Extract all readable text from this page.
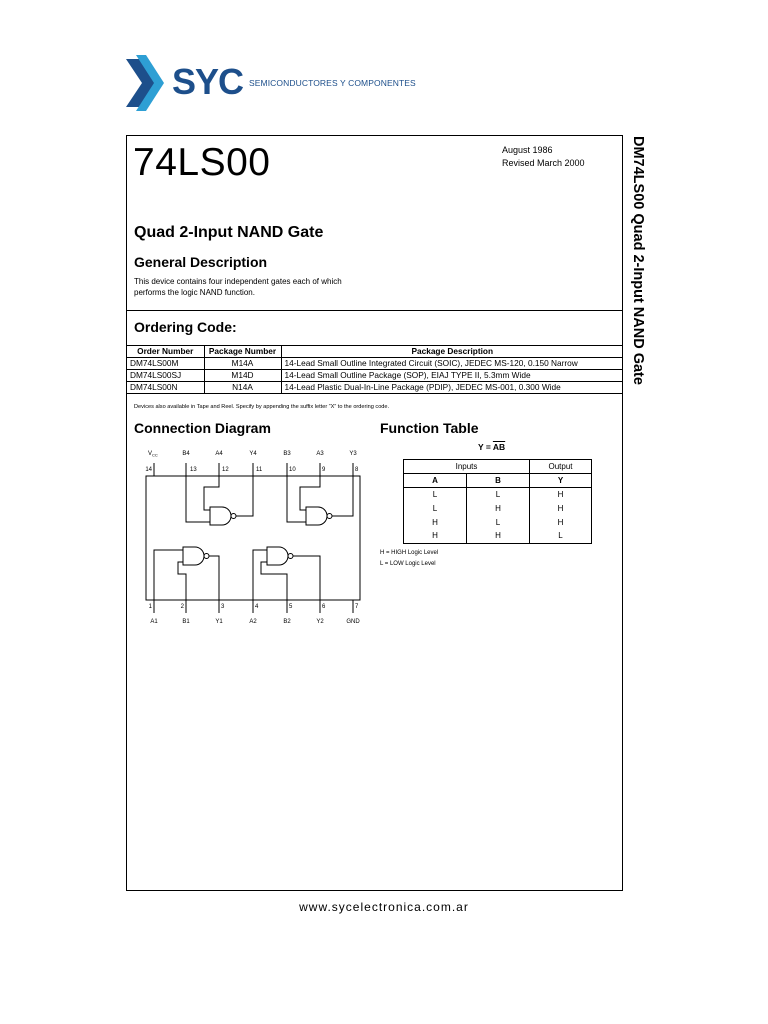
SYC SEMICONDUCTORES Y COMPONENTES
DM74LS00 Quad 2-Input NAND Gate
74LS00	August 1986
Revised March 2000
Quad 2-Input NAND Gate
General Description
This device contains four independent gates each of which performs the logic NAND function.
Ordering Code:
Order Number	Package Number	Package Description
DM74LS00M	M14A	14-Lead Small Outline Integrated Circuit (SOIC), JEDEC MS-120, 0.150 Narrow
DM74LS00SJ	M14D	14-Lead Small Outline Package (SOP), EIAJ TYPE II, 5.3mm Wide
DM74LS00N	N14A	14-Lead Plastic Dual-In-Line Package (PDIP), JEDEC MS-001, 0.300 Wide
Devices also available in Tape and Reel. Specify by appending the suffix letter “X” to the ordering code.
Connection Diagram	Function Table
$V_{CC}$	B4	A4	Y4	B3	A3	Y3
14	13	12	11	10	9	8
1	2	3	4	5	6	7
A1	B1	Y1	A2	B2	Y2	GND
$Y = \overline{AB}$
Inputs		Output
A	B	Y
L	L	H
L	H	H
H	L	H
H	H	L
H = HIGH Logic Level
L = LOW Logic Level
www.sycelectronica.com.ar
